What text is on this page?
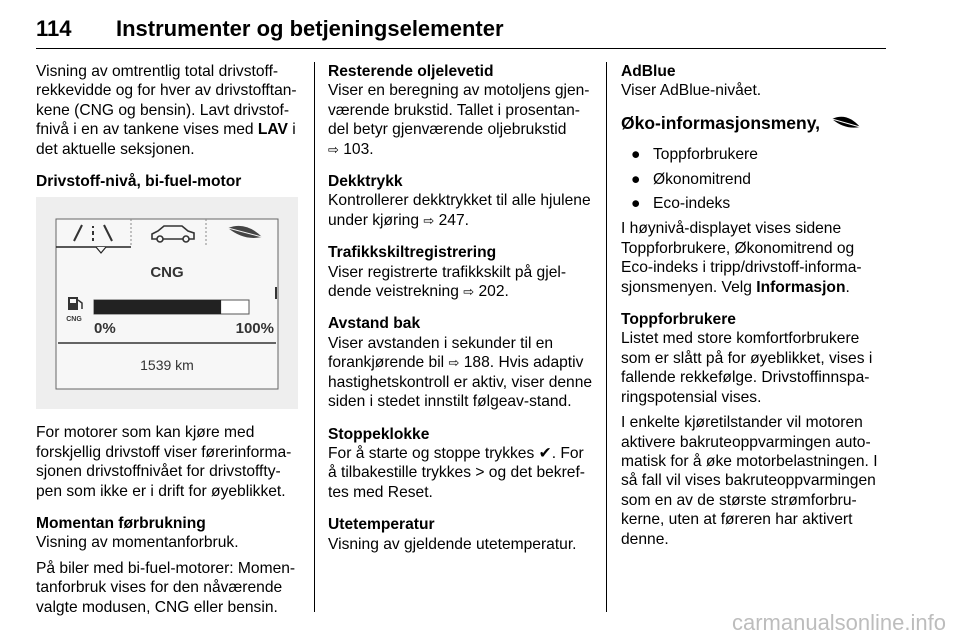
114 Instrumenter og betjeningselementer

Visning av omtrentlig total drivstoff-rekkevidde og for hver av drivstofftan-kene (CNG og bensin). Lavt drivstof-fnivå i en av tankene vises med LAV i det aktuelle seksjonen.

Drivstoff-nivå, bi-fuel-motor

CNG
CNG
0%	100%
1539 km

For motorer som kan kjøre med forskjellig drivstoff viser førerinforma-sjonen drivstoffnivået for drivstoffty-pen som ikke er i drift for øyeblikket.

Momentan førbrukning
Visning av momentanforbruk.

På biler med bi-fuel-motorer: Momen-tanforbruk vises for den nåværende valgte modusen, CNG eller bensin.

Resterende oljelevetid
Viser en beregning av motoljens gjen-værende brukstid. Tallet i prosentan-del betyr gjenværende oljebrukstid
⇨ 103.

Dekktrykk
Kontrollerer dekktrykket til alle hjulene under kjøring ⇨ 247.

Trafikkskiltregistrering
Viser registrerte trafikkskilt på gjel-dende veistrekning ⇨ 202.

Avstand bak
Viser avstanden i sekunder til en forankjørende bil ⇨ 188. Hvis adaptiv hastighetskontroll er aktiv, viser denne siden i stedet innstilt følgeav-stand.

Stoppeklokke
For å starte og stoppe trykkes ✔. For å tilbakestille trykkes > og det bekref-tes med Reset.

Utetemperatur
Visning av gjeldende utetemperatur.

AdBlue
Viser AdBlue-nivået.

Øko-informasjonsmeny,
● Toppforbrukere
● Økonomitrend
● Eco-indeks

I høynivå-displayet vises sidene Toppforbrukere, Økonomitrend og Eco-indeks i tripp/drivstoff-informa-sjonsmenyen. Velg Informasjon.

Toppforbrukere
Listet med store komfortforbrukere som er slått på for øyeblikket, vises i fallende rekkefølge. Drivstoffinnspa-ringspotensial vises.

I enkelte kjøretilstander vil motoren aktivere bakruteoppvarmingen auto-matisk for å øke motorbelastningen. I så fall vil vises bakruteoppvarmingen som en av de største strømforbru-kerne, uten at føreren har aktivert denne.

carmanualsonline.info
